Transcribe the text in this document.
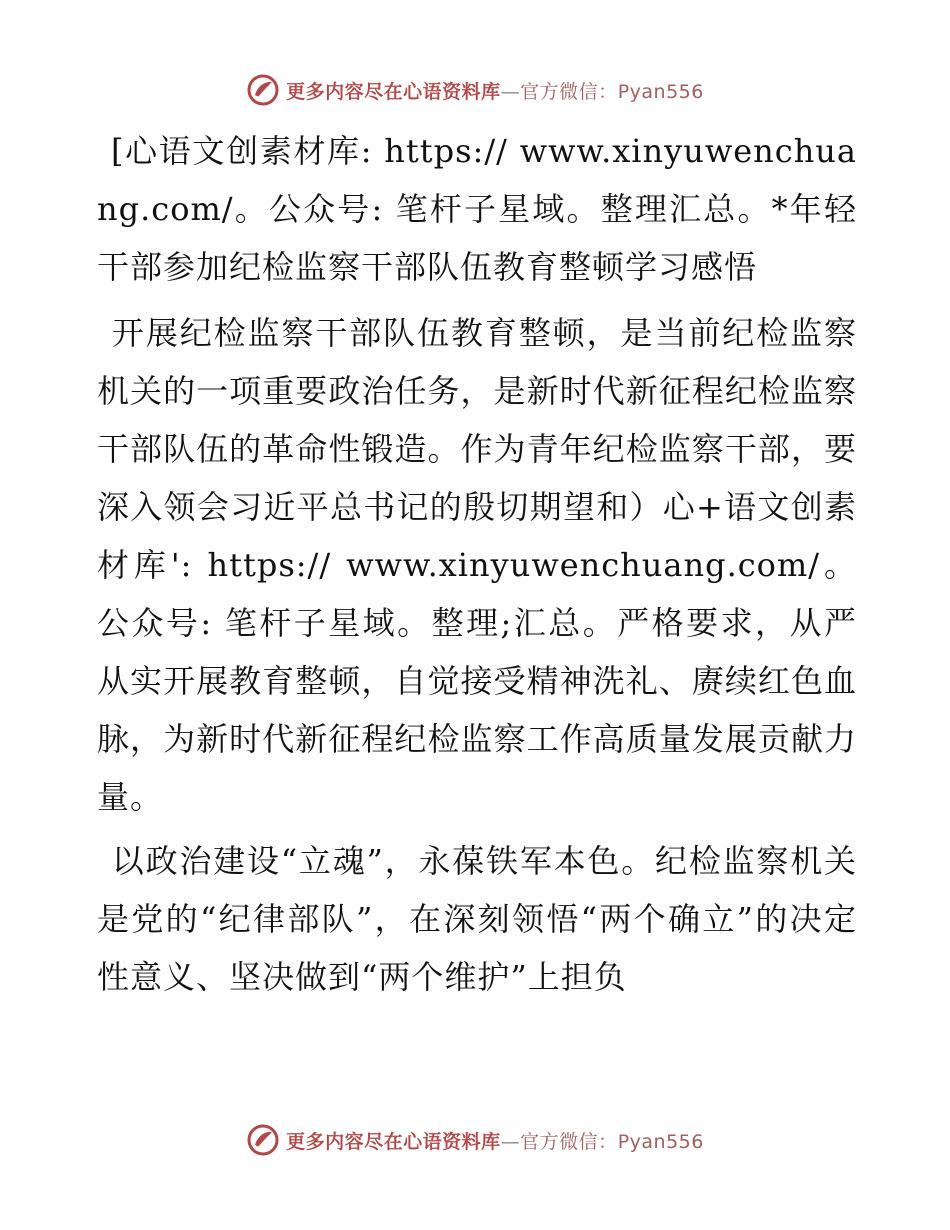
更多内容尽在心语资料库—官方微信：Pyan556

[心语文创素材库: https:// www.xinyuwenchuang.com/。公众号: 笔杆子星域。整理汇总。*年轻干部参加纪检监察干部队伍教育整顿学习感悟

开展纪检监察干部队伍教育整顿，是当前纪检监察机关的一项重要政治任务，是新时代新征程纪检监察干部队伍的革命性锻造。作为青年纪检监察干部，要深入领会习近平总书记的殷切期望和）心+语文创素材库': https:// www.xinyuwenchuang.com/。公众号: 笔杆子星域。整理;汇总。严格要求，从严从实开展教育整顿，自觉接受精神洗礼、赓续红色血脉，为新时代新征程纪检监察工作高质量发展贡献力量。

以政治建设“立魂”，永葆铁军本色。纪检监察机关是党的“纪律部队”，在深刻领悟“两个确立”的决定性意义、坚决做到“两个维护”上担负

更多内容尽在心语资料库—官方微信：Pyan556
